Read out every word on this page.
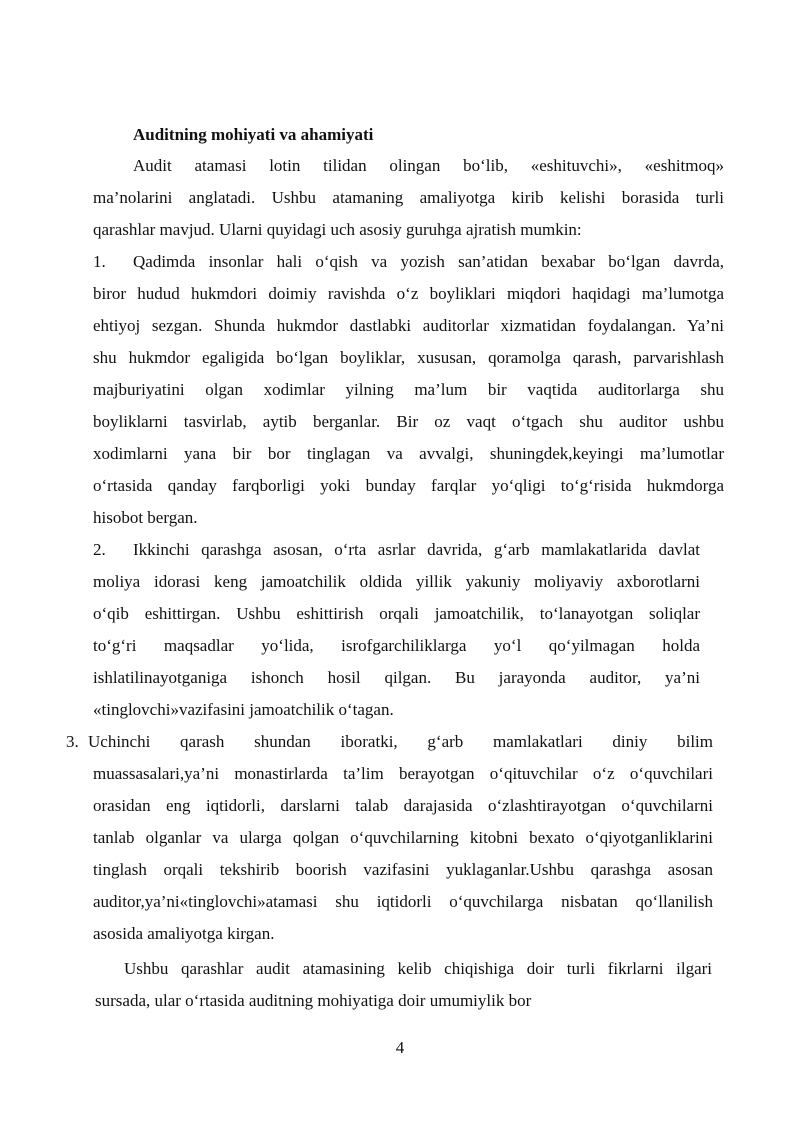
Auditning mohiyati va ahamiyati
Audit atamasi lotin tilidan olingan bo‘lib, «eshituvchi», «eshitmoq»
ma’nolarini anglatadi. Ushbu atamaning amaliyotga kirib kelishi borasida turli
qarashlar mavjud. Ularni quyidagi uch asosiy guruhga ajratish mumkin:
1. Qadimda insonlar hali o‘qish va yozish san’atidan bexabar bo‘lgan davrda,
biror hudud hukmdori doimiy ravishda o‘z boyliklari miqdori haqidagi ma’lumotga
ehtiyoj sezgan. Shunda hukmdor dastlabki auditorlar xizmatidan foydalangan. Ya’ni
shu hukmdor egaligida bo‘lgan boyliklar, xususan, qoramolga qarash, parvarishlash
majburiyatini olgan xodimlar yilning ma’lum bir vaqtida auditorlarga shu
boyliklarni tasvirlab, aytib berganlar. Bir oz vaqt o‘tgach shu auditor ushbu
xodimlarni yana bir bor tinglagan va avvalgi, shuningdek,keyingi ma’lumotlar
o‘rtasida qanday farqborligi yoki bunday farqlar yo‘qligi to‘g‘risida hukmdorga
hisobot bergan.
2. Ikkinchi qarashga asosan, o‘rta asrlar davrida, g‘arb mamlakatlarida davlat
moliya idorasi keng jamoatchilik oldida yillik yakuniy moliyaviy axborotlarni
o‘qib eshittirgan. Ushbu eshittirish orqali jamoatchilik, to‘lanayotgan soliqlar
to‘g‘ri maqsadlar yo‘lida, isrofgarchiliklarga yo‘l qo‘yilmagan holda
ishlatilinayotganiga ishonch hosil qilgan. Bu jarayonda auditor, ya’ni
«tinglovchi»vazifasini jamoatchilik o‘tagan.
3. Uchinchi qarash shundan iboratki, g‘arb mamlakatlari diniy bilim
muassasalari,ya’ni monastirlarda ta’lim berayotgan o‘qituvchilar o‘z o‘quvchilari
orasidan eng iqtidorli, darslarni talab darajasida o‘zlashtirayotgan o‘quvchilarni
tanlab olganlar va ularga qolgan o‘quvchilarning kitobni bexato o‘qiyotganliklarini
tinglash orqali tekshirib boorish vazifasini yuklaganlar.Ushbu qarashga asosan
auditor,ya’ni«tinglovchi»atamasi shu iqtidorli o‘quvchilarga nisbatan qo‘llanilish
asosida amaliyotga kirgan.
Ushbu qarashlar audit atamasining kelib chiqishiga doir turli fikrlarni ilgari
sursada, ular o‘rtasida auditning mohiyatiga doir umumiylik bor
4
